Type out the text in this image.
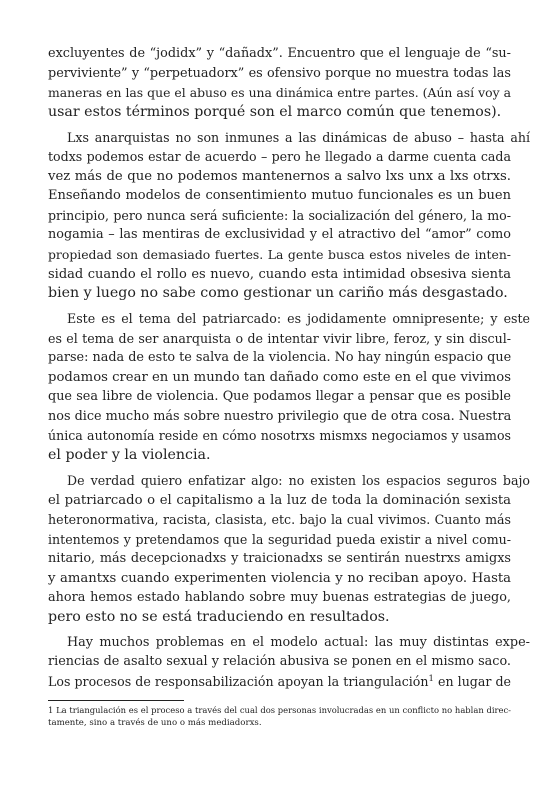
excluyentes de “jodidx” y “dañadx”. Encuentro que el lenguaje de “su-
perviviente” y “perpetuadorx” es ofensivo porque no muestra todas las
maneras en las que el abuso es una dinámica entre partes. (Aún así voy a
usar estos términos porqué son el marco común que tenemos).
Lxs anarquistas no son inmunes a las dinámicas de abuso – hasta ahí
todxs podemos estar de acuerdo – pero he llegado a darme cuenta cada
vez más de que no podemos mantenernos a salvo lxs unx a lxs otrxs.
Enseñando modelos de consentimiento mutuo funcionales es un buen
principio, pero nunca será suficiente: la socialización del género, la mo-
nogamia – las mentiras de exclusividad y el atractivo del “amor” como
propiedad son demasiado fuertes. La gente busca estos niveles de inten-
sidad cuando el rollo es nuevo, cuando esta intimidad obsesiva sienta
bien y luego no sabe como gestionar un cariño más desgastado.
Este es el tema del patriarcado: es jodidamente omnipresente; y este
es el tema de ser anarquista o de intentar vivir libre, feroz, y sin discul-
parse: nada de esto te salva de la violencia. No hay ningún espacio que
podamos crear en un mundo tan dañado como este en el que vivimos
que sea libre de violencia. Que podamos llegar a pensar que es posible
nos dice mucho más sobre nuestro privilegio que de otra cosa. Nuestra
única autonomía reside en cómo nosotrxs mismxs negociamos y usamos
el poder y la violencia.
De verdad quiero enfatizar algo: no existen los espacios seguros bajo
el patriarcado o el capitalismo a la luz de toda la dominación sexista
heteronormativa, racista, clasista, etc. bajo la cual vivimos. Cuanto más
intentemos y pretendamos que la seguridad pueda existir a nivel comu-
nitario, más decepcionadxs y traicionadxs se sentirán nuestrxs amigxs
y amantxs cuando experimenten violencia y no reciban apoyo. Hasta
ahora hemos estado hablando sobre muy buenas estrategias de juego,
pero esto no se está traduciendo en resultados.
Hay muchos problemas en el modelo actual: las muy distintas expe-
riencias de asalto sexual y relación abusiva se ponen en el mismo saco.
Los procesos de responsabilización apoyan la triangulación$^1$ en lugar de
1 La triangulación es el proceso a través del cual dos personas involucradas en un conflicto no hablan direc-
tamente, sino a través de uno o más mediadorxs.
